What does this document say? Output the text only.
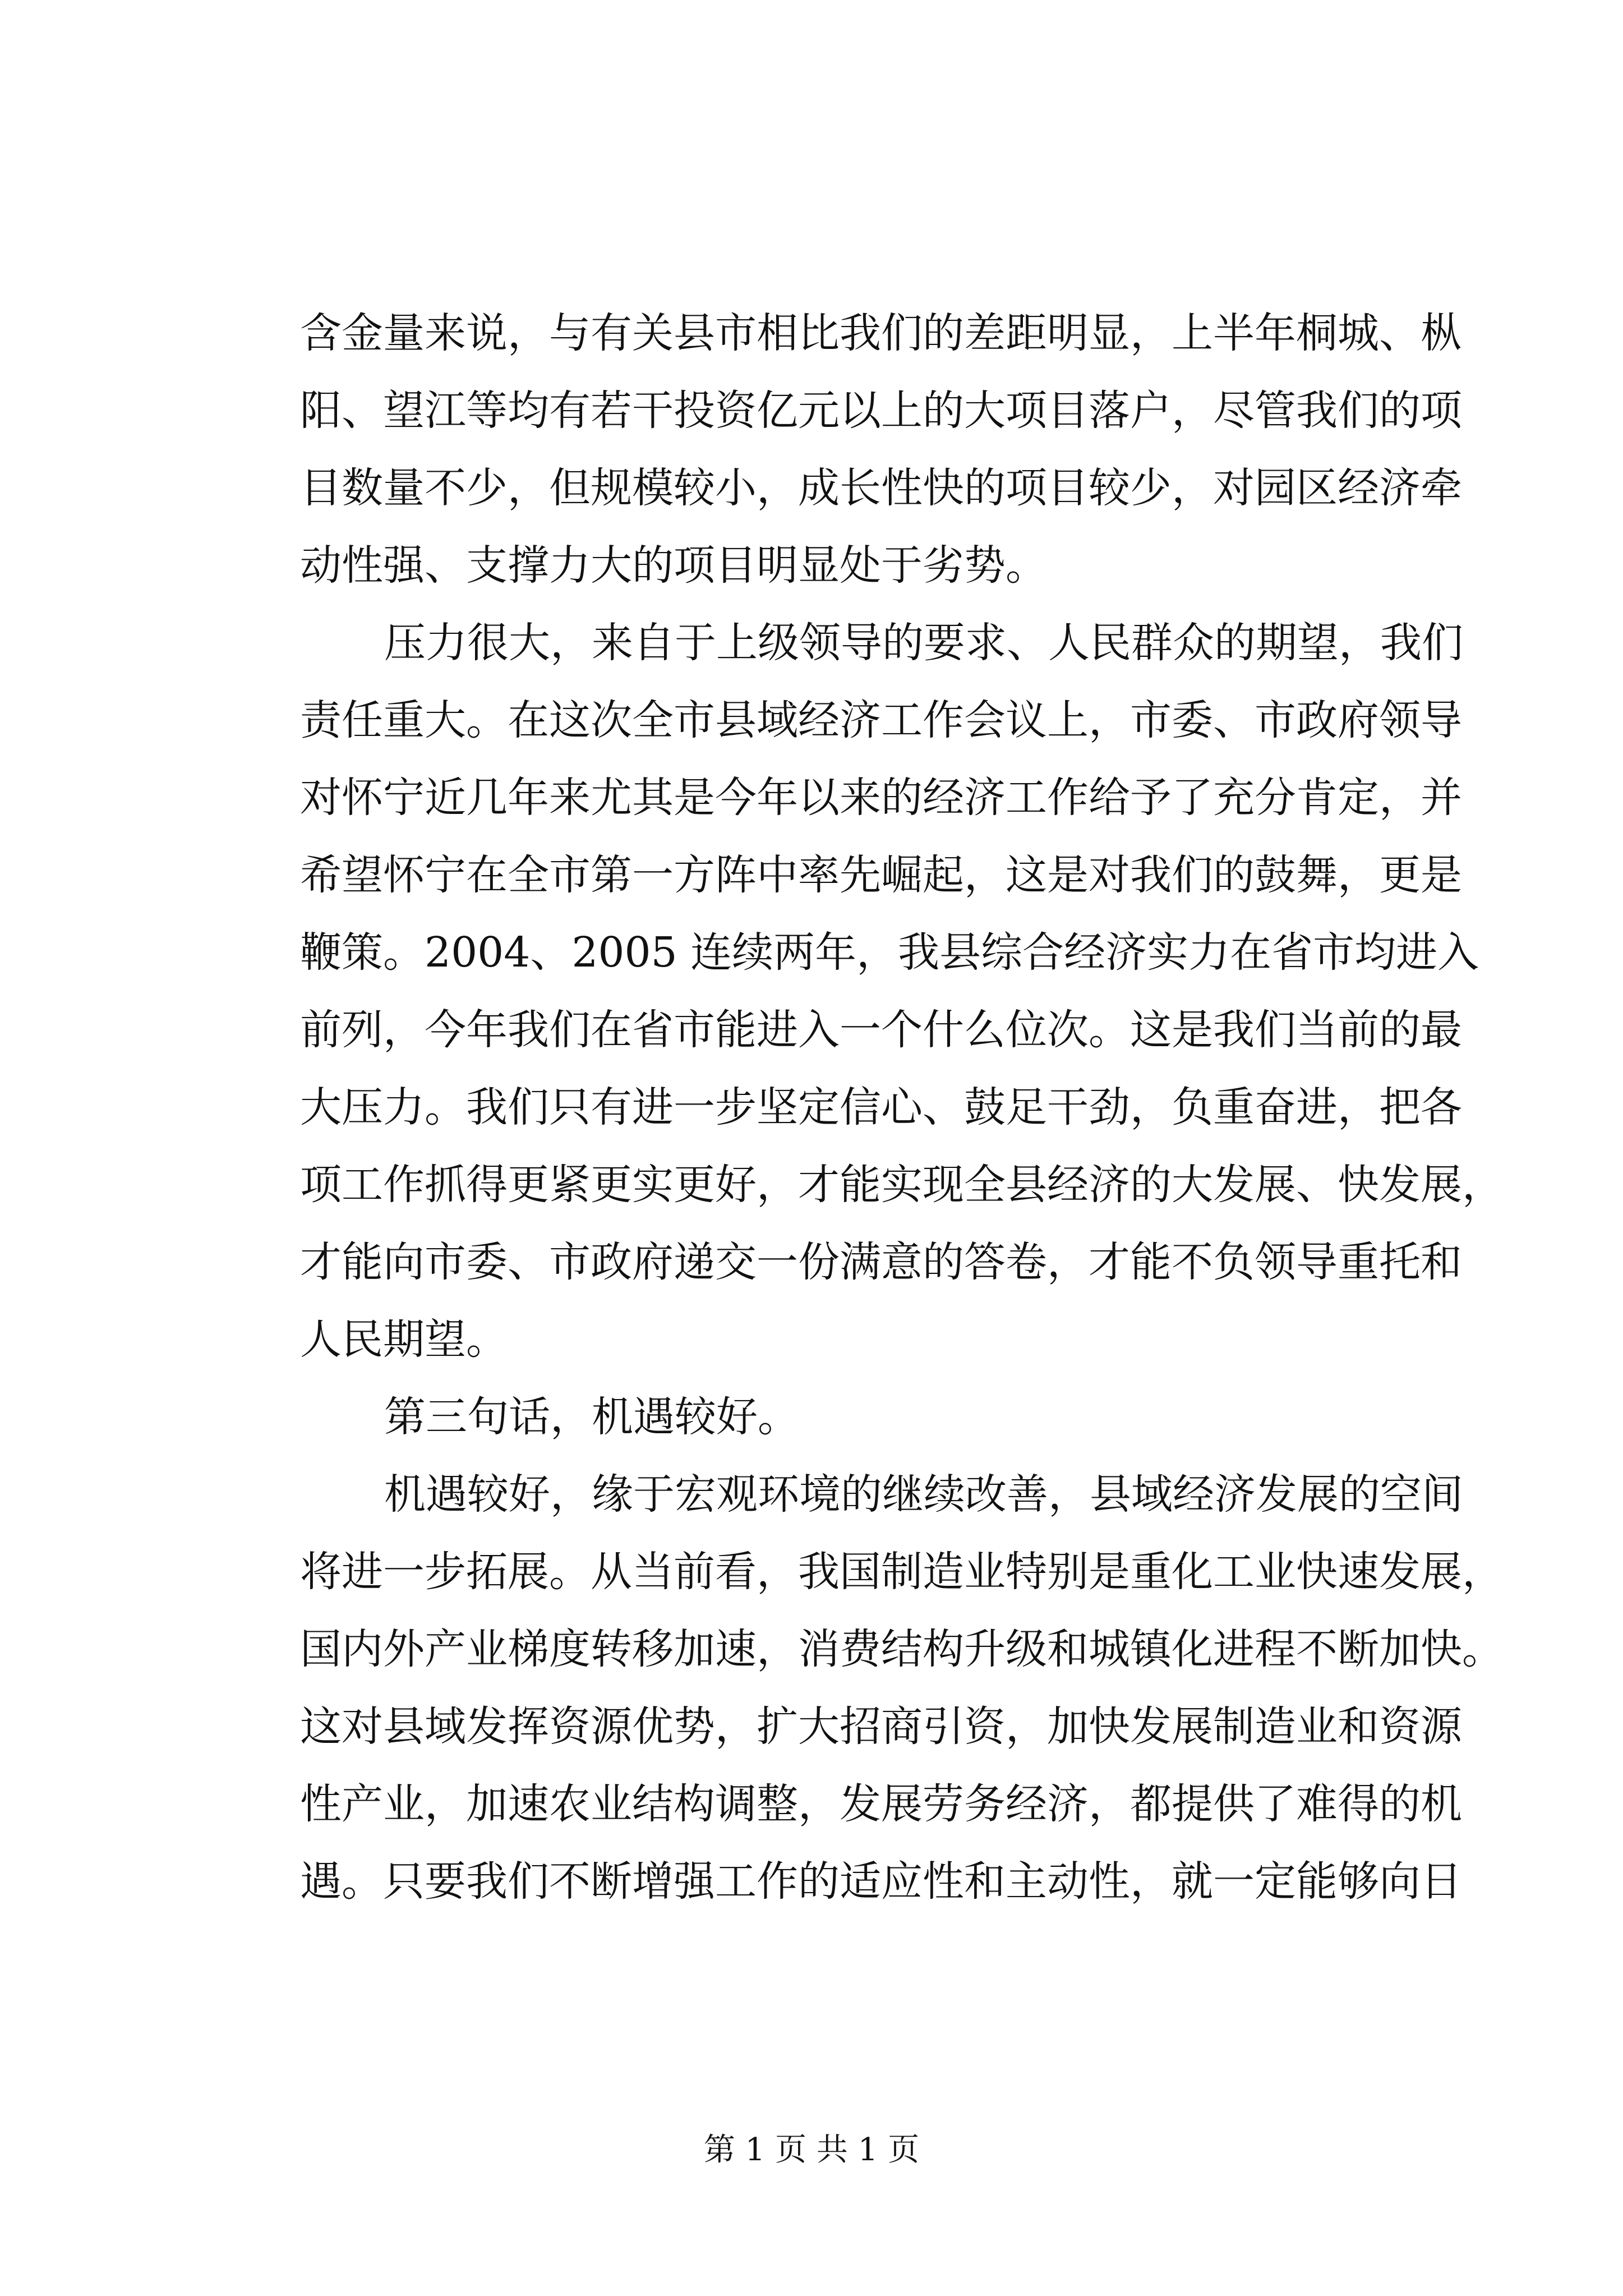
含金量来说，与有关县市相比我们的差距明显，上半年桐城、枞
阳、望江等均有若干投资亿元以上的大项目落户，尽管我们的项
目数量不少，但规模较小，成长性快的项目较少，对园区经济牵
动性强、支撑力大的项目明显处于劣势。
压力很大，来自于上级领导的要求、人民群众的期望，我们
责任重大。在这次全市县域经济工作会议上，市委、市政府领导
对怀宁近几年来尤其是今年以来的经济工作给予了充分肯定，并
希望怀宁在全市第一方阵中率先崛起，这是对我们的鼓舞，更是
鞭策。2004、2005 连续两年，我县综合经济实力在省市均进入
前列，今年我们在省市能进入一个什么位次。这是我们当前的最
大压力。我们只有进一步坚定信心、鼓足干劲，负重奋进，把各
项工作抓得更紧更实更好，才能实现全县经济的大发展、快发展，
才能向市委、市政府递交一份满意的答卷，才能不负领导重托和
人民期望。
第三句话，机遇较好。
机遇较好，缘于宏观环境的继续改善，县域经济发展的空间
将进一步拓展。从当前看，我国制造业特别是重化工业快速发展，
国内外产业梯度转移加速，消费结构升级和城镇化进程不断加快。
这对县域发挥资源优势，扩大招商引资，加快发展制造业和资源
性产业，加速农业结构调整，发展劳务经济，都提供了难得的机
遇。只要我们不断增强工作的适应性和主动性，就一定能够向日
第 1 页 共 1 页
